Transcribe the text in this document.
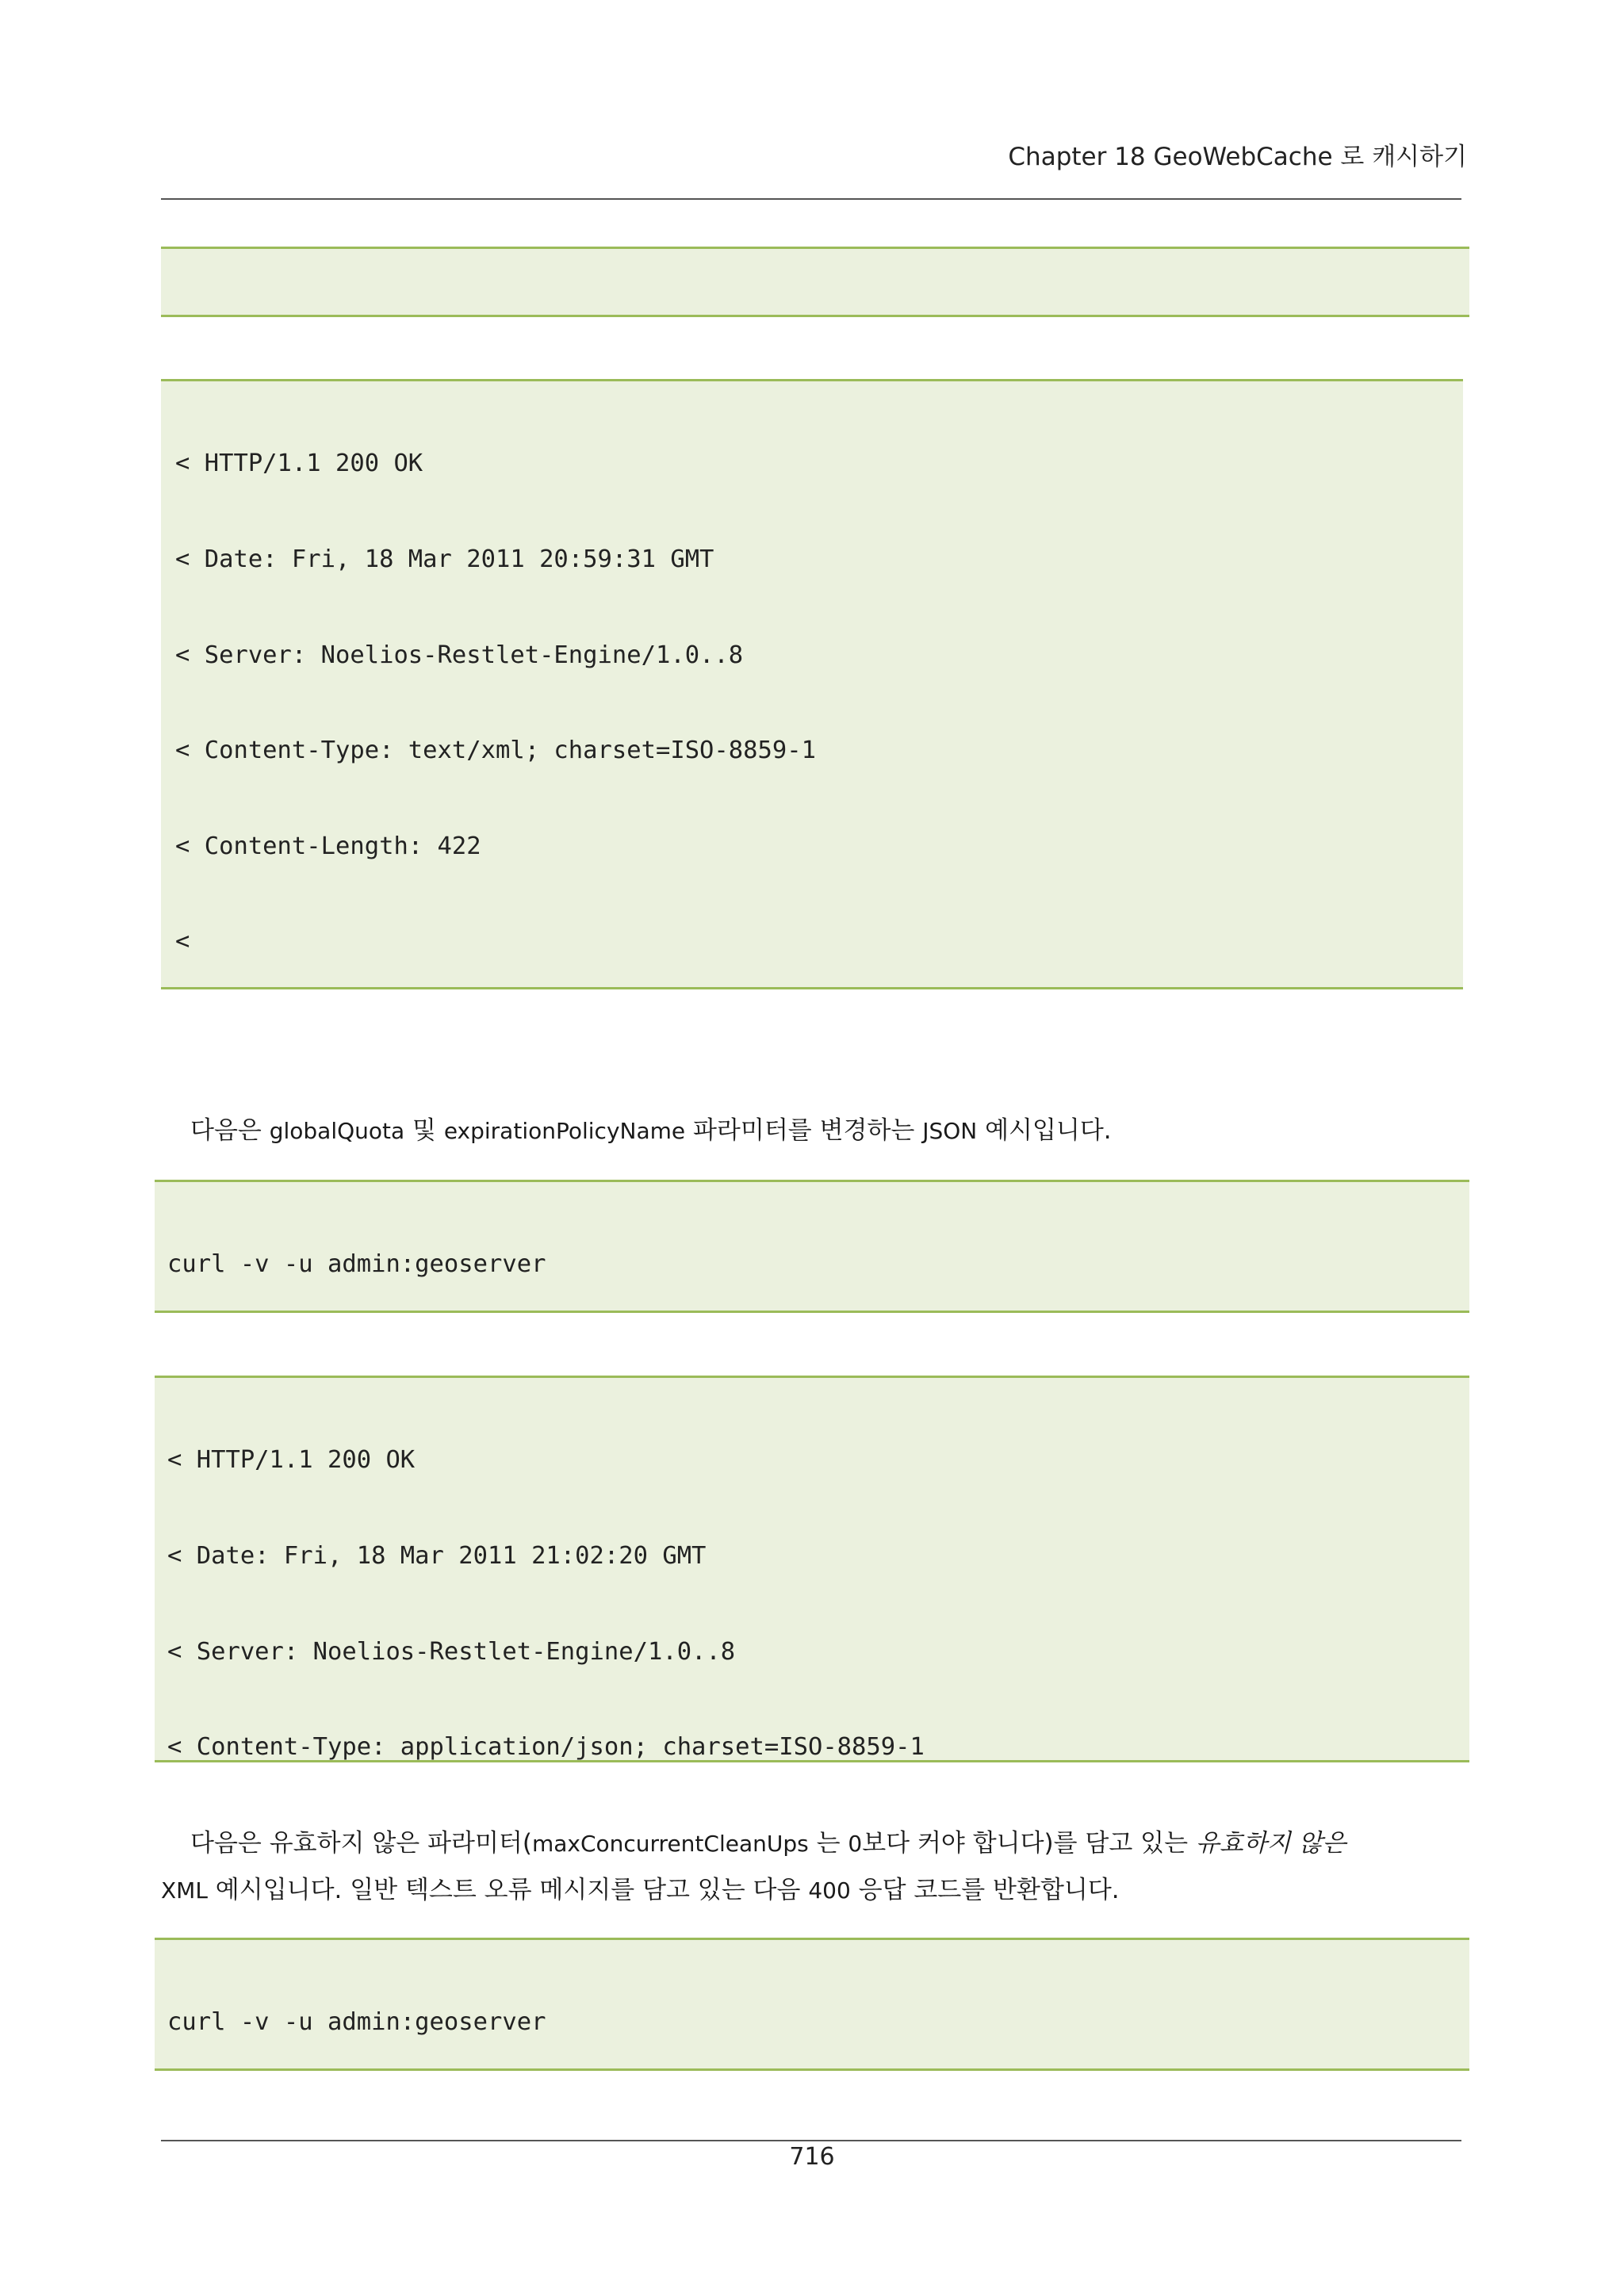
Chapter 18 GeoWebCache 로 캐시하기

< HTTP/1.1 200 OK

< Date: Fri, 18 Mar 2011 20:59:31 GMT

< Server: Noelios-Restlet-Engine/1.0..8

< Content-Type: text/xml; charset=ISO-8859-1

< Content-Length: 422

<

다음은 globalQuota 및 expirationPolicyName 파라미터를 변경하는 JSON 예시입니다.

curl -v -u admin:geoserver

< HTTP/1.1 200 OK

< Date: Fri, 18 Mar 2011 21:02:20 GMT

< Server: Noelios-Restlet-Engine/1.0..8

< Content-Type: application/json; charset=ISO-8859-1

다음은 유효하지 않은 파라미터(maxConcurrentCleanUps 는 0보다 커야 합니다)를 담고 있는 유효하지 않은
XML 예시입니다. 일반 텍스트 오류 메시지를 담고 있는 다음 400 응답 코드를 반환합니다.

curl -v -u admin:geoserver

716
